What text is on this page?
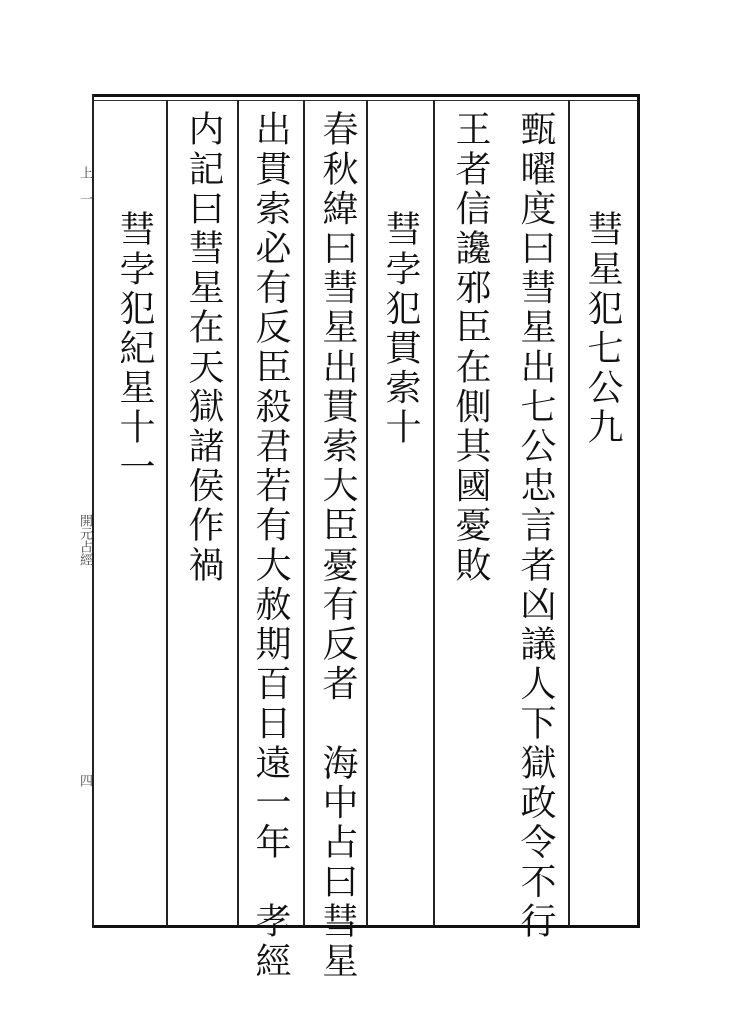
上　一
開元占經
四
彗星犯七公九
甄曜度曰彗星出七公忠言者凶議人下獄政令不行
王者信讒邪臣在側其國憂敗
彗孛犯貫索十
春秋緯曰彗星出貫索大臣憂有反者　海中占曰彗星
出貫索必有反臣殺君若有大赦期百日遠一年　孝經
内記曰彗星在天獄諸侯作禍
彗孛犯紀星十一
